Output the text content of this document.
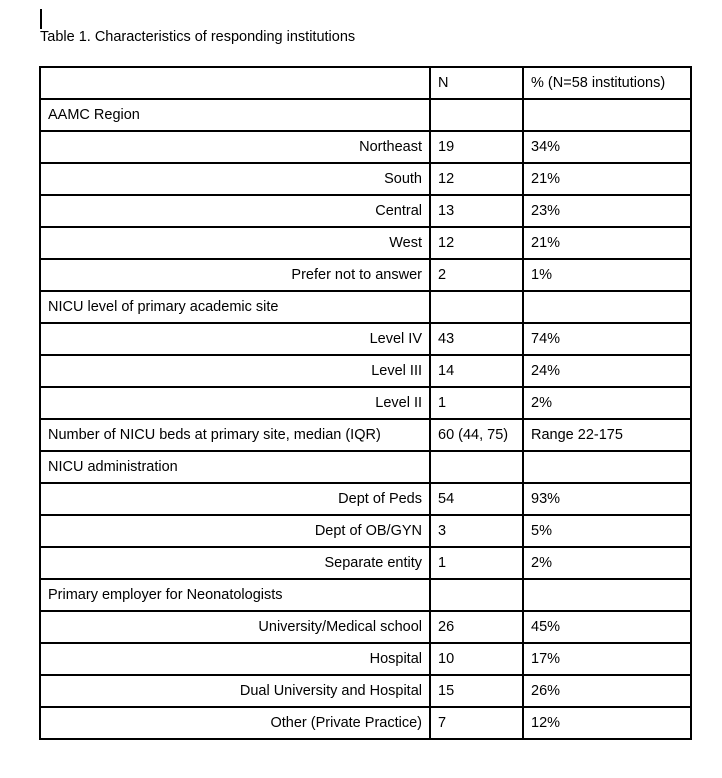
Table 1. Characteristics of responding institutions
	N	% (N=58 institutions)
AAMC Region		
Northeast	19	34%
South	12	21%
Central	13	23%
West	12	21%
Prefer not to answer	2	1%
NICU level of primary academic site		
Level IV	43	74%
Level III	14	24%
Level II	1	2%
Number of NICU beds at primary site, median (IQR)	60 (44, 75)	Range 22-175
NICU administration		
Dept of Peds	54	93%
Dept of OB/GYN	3	5%
Separate entity	1	2%
Primary employer for Neonatologists		
University/Medical school	26	45%
Hospital	10	17%
Dual University and Hospital	15	26%
Other (Private Practice)	7	12%
